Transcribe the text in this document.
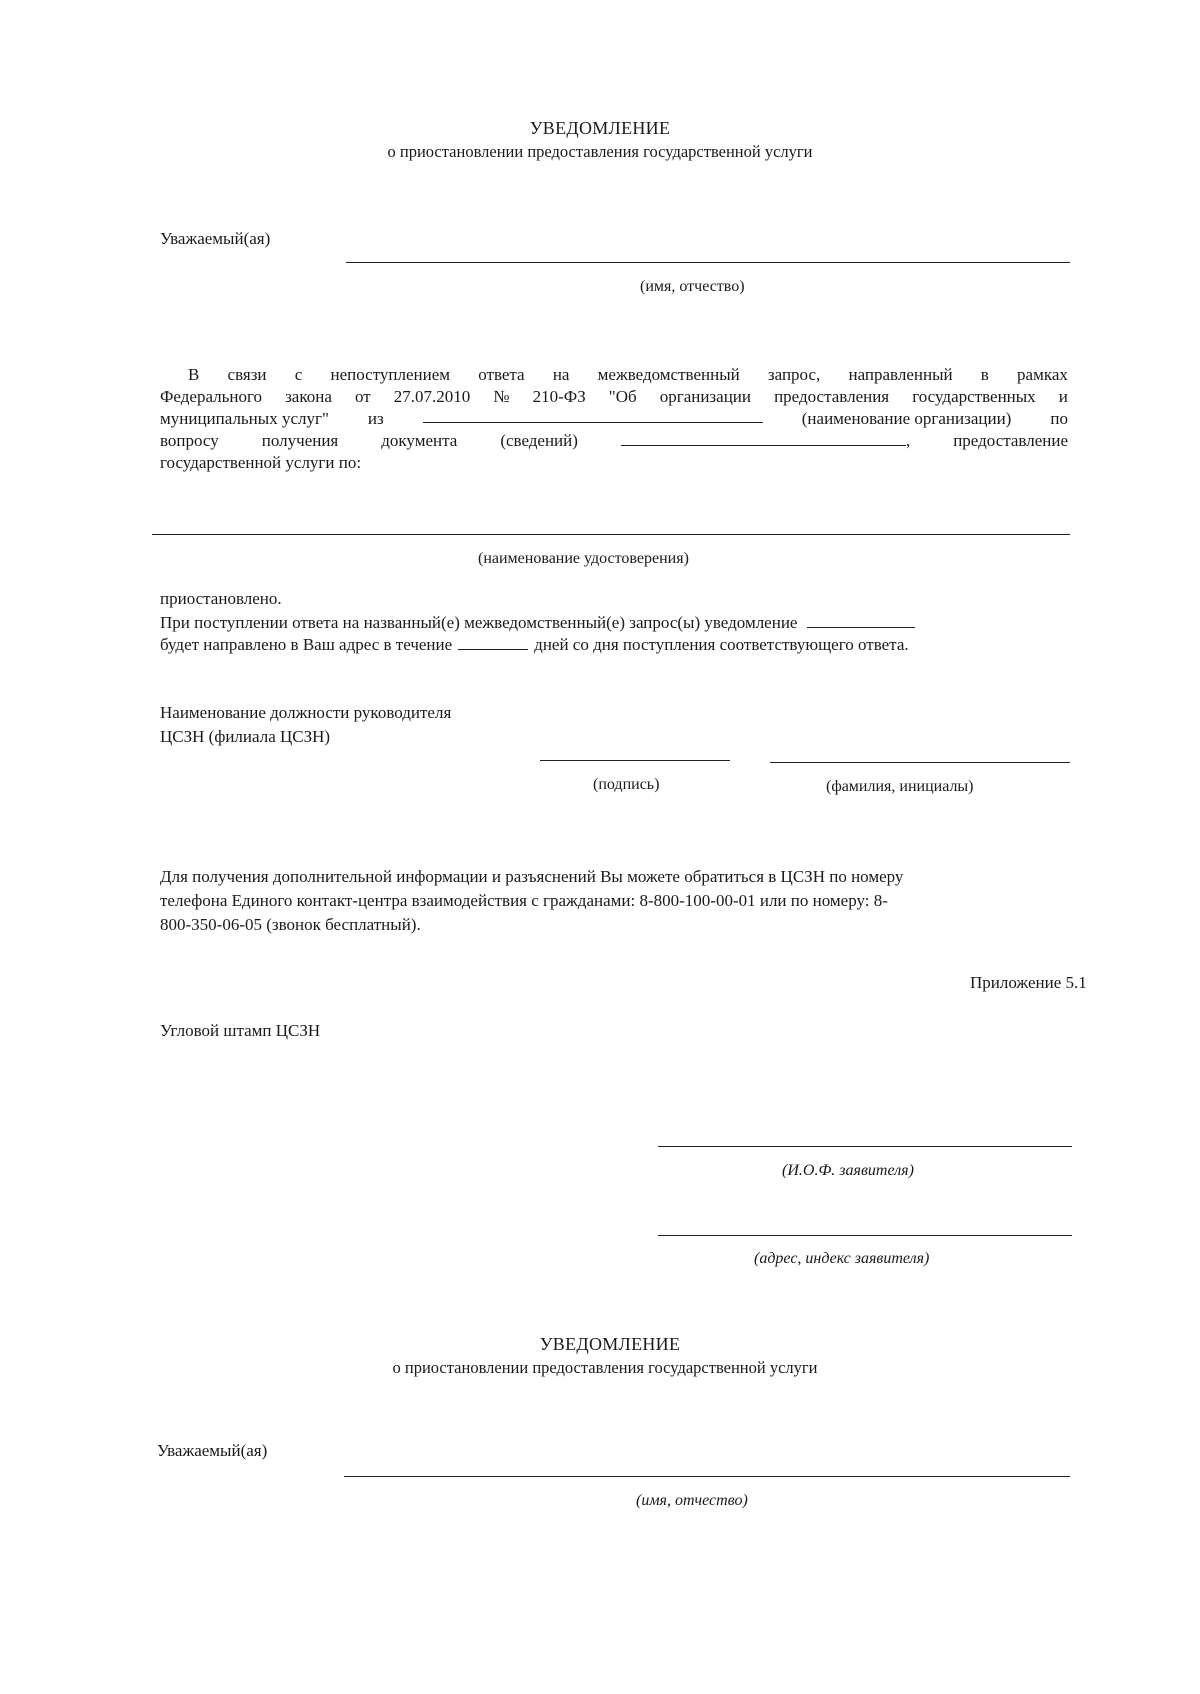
УВЕДОМЛЕНИЕ
о приостановлении предоставления государственной услуги
Уважаемый(ая)
(имя, отчество)
В связи с непоступлением ответа на межведомственный запрос, направленный в рамках
Федерального закона от 27.07.2010 № 210-ФЗ "Об организации предоставления государственных и
муниципальных услуг" из	(наименование организации) по
вопросу	получения	документа	(сведений)	,	предоставление
государственной услуги по:
(наименование удостоверения)
приостановлено.
При поступлении ответа на названный(е) межведомственный(е) запрос(ы) уведомление
будет направлено в Ваш адрес в течение	дней со дня поступления соответствующего ответа.
Наименование должности руководителя
ЦСЗН (филиала ЦСЗН)
(подпись)	(фамилия, инициалы)
Для получения дополнительной информации и разъяснений Вы можете обратиться в ЦСЗН по номеру
телефона Единого контакт-центра взаимодействия с гражданами: 8-800-100-00-01 или по номеру: 8-
800-350-06-05 (звонок бесплатный).
Приложение 5.1
Угловой штамп ЦСЗН
(И.О.Ф. заявителя)
(адрес, индекс заявителя)
УВЕДОМЛЕНИЕ
о приостановлении предоставления государственной услуги
Уважаемый(ая)
(имя, отчество)
